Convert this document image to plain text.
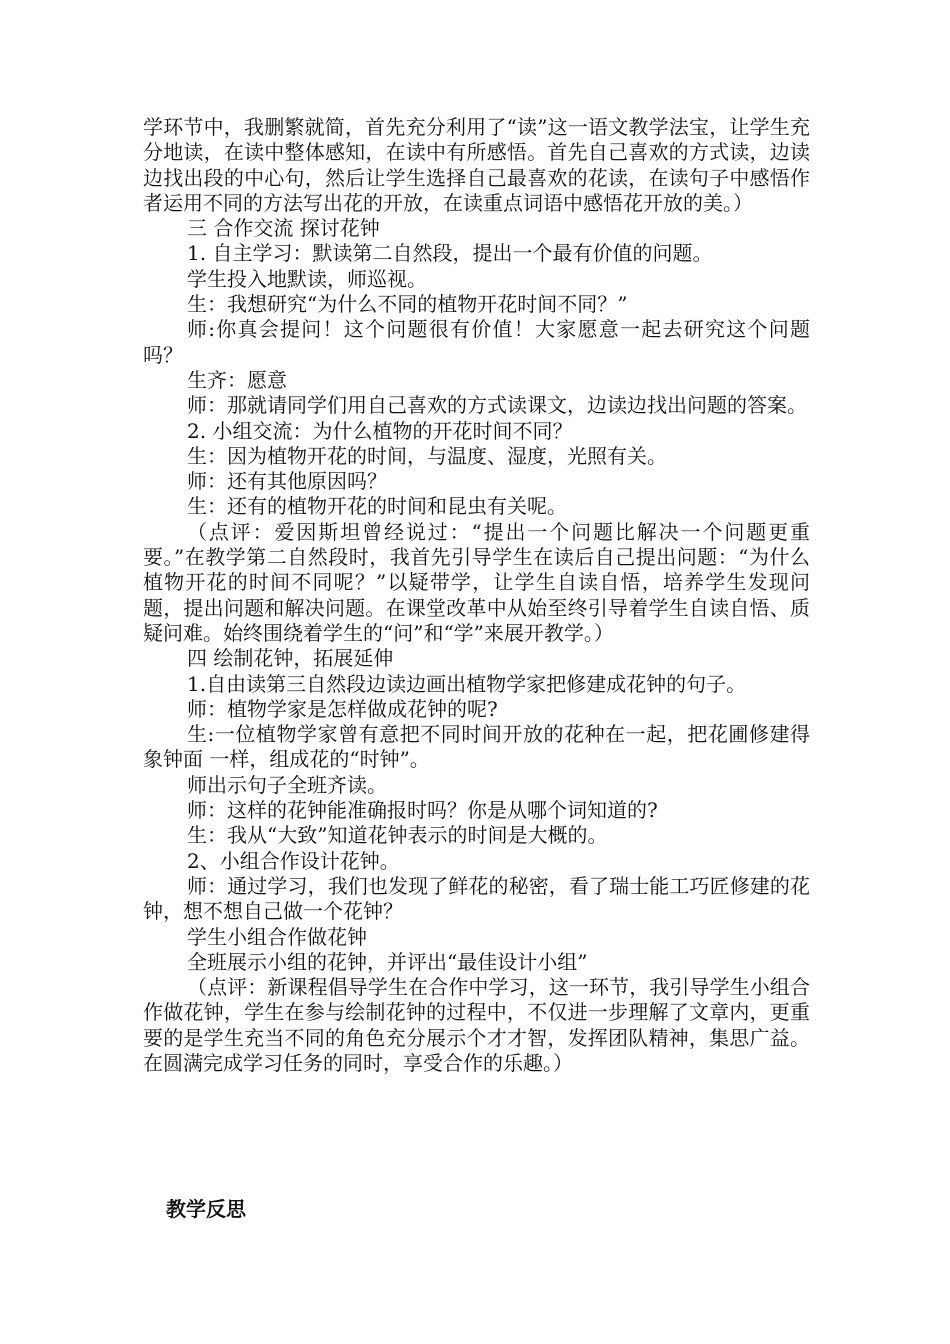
学环节中，我删繁就简，首先充分利用了“读”这一语文教学法宝，让学生充分地读，在读中整体感知，在读中有所感悟。首先自己喜欢的方式读，边读边找出段的中心句，然后让学生选择自己最喜欢的花读，在读句子中感悟作者运用不同的方法写出花的开放，在读重点词语中感悟花开放的美。）

三 合作交流 探讨花钟

1. 自主学习：默读第二自然段，提出一个最有价值的问题。

学生投入地默读，师巡视。

生：我想研究“为什么不同的植物开花时间不同？”

师:你真会提问！这个问题很有价值！大家愿意一起去研究这个问题吗？

生齐：愿意

师：那就请同学们用自己喜欢的方式读课文，边读边找出问题的答案。

2. 小组交流：为什么植物的开花时间不同？

生：因为植物开花的时间，与温度、湿度，光照有关。

师：还有其他原因吗？

生：还有的植物开花的时间和昆虫有关呢。

（点评：爱因斯坦曾经说过：“提出一个问题比解决一个问题更重要。”在教学第二自然段时，我首先引导学生在读后自己提出问题：“为什么植物开花的时间不同呢？”以疑带学，让学生自读自悟，培养学生发现问题，提出问题和解决问题。在课堂改革中从始至终引导着学生自读自悟、质疑问难。始终围绕着学生的“问”和“学”来展开教学。）

四 绘制花钟，拓展延伸

1.自由读第三自然段边读边画出植物学家把修建成花钟的句子。

师：植物学家是怎样做成花钟的呢?

生:一位植物学家曾有意把不同时间开放的花种在一起，把花圃修建得象钟面 一样，组成花的“时钟”。

师出示句子全班齐读。

师：这样的花钟能准确报时吗？你是从哪个词知道的?

生：我从“大致”知道花钟表示的时间是大概的。

2、小组合作设计花钟。

师：通过学习，我们也发现了鲜花的秘密，看了瑞士能工巧匠修建的花钟，想不想自己做一个花钟？

学生小组合作做花钟

全班展示小组的花钟，并评出“最佳设计小组”

（点评：新课程倡导学生在合作中学习，这一环节，我引导学生小组合作做花钟，学生在参与绘制花钟的过程中，不仅进一步理解了文章内，更重要的是学生充当不同的角色充分展示个才才智，发挥团队精神，集思广益。在圆满完成学习任务的同时，享受合作的乐趣。）

教学反思
